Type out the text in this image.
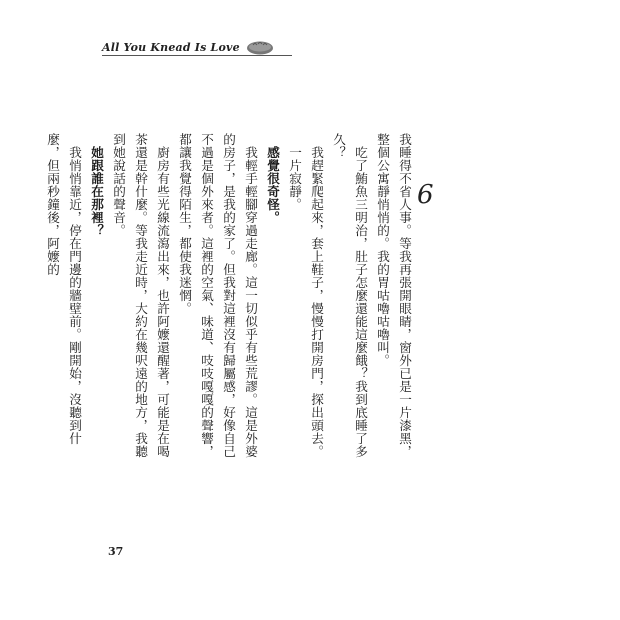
All You Knead Is Love
6

我睡得不省人事。等我再張開眼睛，窗外已是一片漆黑，整個公寓靜悄悄的。我的胃咕嚕咕嚕叫。

吃了鮪魚三明治，肚子怎麼還能這麼餓？我到底睡了多久？

我趕緊爬起來，套上鞋子，慢慢打開房門，探出頭去。

一片寂靜。

感覺很奇怪。

我輕手輕腳穿過走廊。這一切似乎有些荒謬。這是外婆的房子，是我的家了。但我對這裡沒有歸屬感，好像自己不過是個外來者。這裡的空氣、味道、吱吱嘎嘎的聲響，都讓我覺得陌生，都使我迷惘。

廚房有些光線流瀉出來，也許阿嬤還醒著，可能是在喝茶還是幹什麼。等我走近時，大約在幾呎遠的地方，我聽到她說話的聲音。

她跟誰在那裡？

我悄悄靠近，停在門邊的牆壁前。剛開始，沒聽到什麼，但兩秒鐘後，阿嬤的

37
